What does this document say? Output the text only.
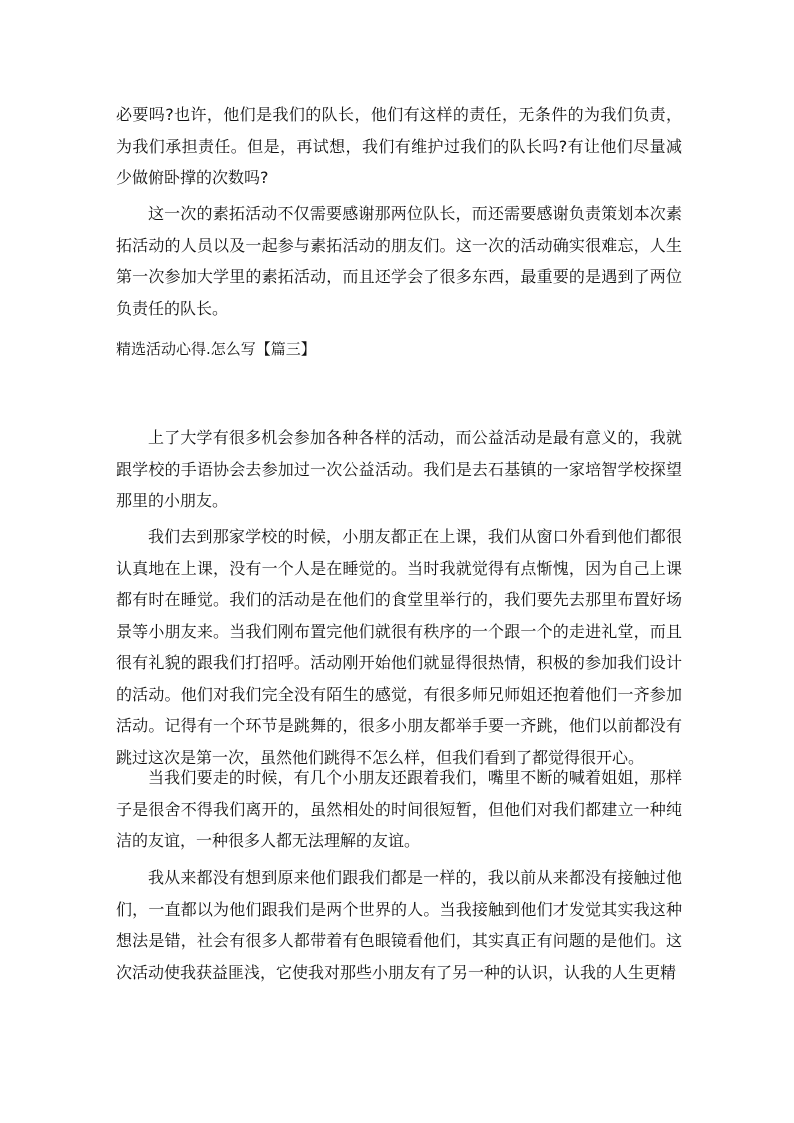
必要吗?也许，他们是我们的队长，他们有这样的责任，无条件的为我们负责，为我们承担责任。但是，再试想，我们有维护过我们的队长吗?有让他们尽量减少做俯卧撑的次数吗?

这一次的素拓活动不仅需要感谢那两位队长，而还需要感谢负责策划本次素拓活动的人员以及一起参与素拓活动的朋友们。这一次的活动确实很难忘，人生第一次参加大学里的素拓活动，而且还学会了很多东西，最重要的是遇到了两位负责任的队长。

精选活动心得.怎么写【篇三】

上了大学有很多机会参加各种各样的活动，而公益活动是最有意义的，我就跟学校的手语协会去参加过一次公益活动。我们是去石基镇的一家培智学校探望那里的小朋友。

我们去到那家学校的时候，小朋友都正在上课，我们从窗口外看到他们都很认真地在上课，没有一个人是在睡觉的。当时我就觉得有点惭愧，因为自己上课都有时在睡觉。我们的活动是在他们的食堂里举行的，我们要先去那里布置好场景等小朋友来。当我们刚布置完他们就很有秩序的一个跟一个的走进礼堂，而且很有礼貌的跟我们打招呼。活动刚开始他们就显得很热情，积极的参加我们设计的活动。他们对我们完全没有陌生的感觉，有很多师兄师姐还抱着他们一齐参加活动。记得有一个环节是跳舞的，很多小朋友都举手要一齐跳，他们以前都没有跳过这次是第一次，虽然他们跳得不怎么样，但我们看到了都觉得很开心。

当我们要走的时候，有几个小朋友还跟着我们，嘴里不断的喊着姐姐，那样子是很舍不得我们离开的，虽然相处的时间很短暂，但他们对我们都建立一种纯洁的友谊，一种很多人都无法理解的友谊。

我从来都没有想到原来他们跟我们都是一样的，我以前从来都没有接触过他们，一直都以为他们跟我们是两个世界的人。当我接触到他们才发觉其实我这种想法是错，社会有很多人都带着有色眼镜看他们，其实真正有问题的是他们。这次活动使我获益匪浅，它使我对那些小朋友有了另一种的认识，认我的人生更精
